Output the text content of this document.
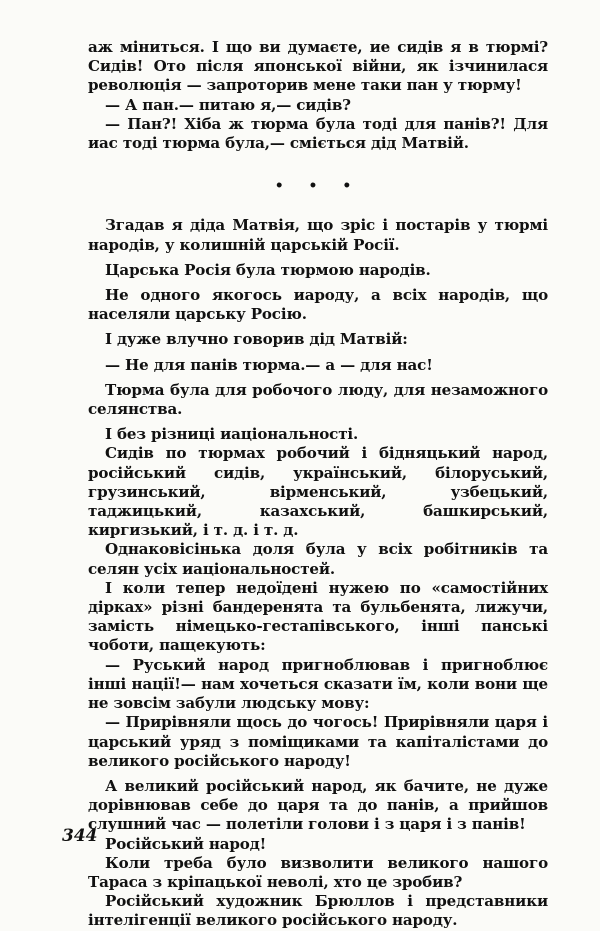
аж міниться. І що ви думаєте, ие сидів я в тюрмі? Сидів! Ото після японської війни, як ізчинилася революція — запроторив мене таки пан у тюрму!

— А пан.— питаю я,— сидів?

— Пан?! Хіба ж тюрма була тоді для панів?! Для иас тоді тюрма була,— сміється дід Матвій.

• • •

Згадав я діда Матвія, що зріс і постарів у тюрмі народів, у колишній царській Росії.

Царська Росія була тюрмою народів.

Не одного якогось иароду, а всіх народів, що населяли царську Росію.

І дуже влучно говорив дід Матвій:

— Не для панів тюрма.— а — для нас!

Тюрма була для робочого люду, для незаможного селянства.

І без різниці иаціональності.

Сидів по тюрмах робочий і бідняцький народ, російський сидів, український, білоруський, грузинський, вірменський, узбецький, таджицький, казахський, башкирський, киргизький, і т. д. і т. д.

Однаковісінька доля була у всіх робітників та селян усіх иаціональностей.

І коли тепер недоїдені нужею по «самостійних дірках» різні бандеренята та бульбенята, лижучи, замість німецько-гестапівського, інші панські чоботи, пащекують:

— Руський народ пригноблював і пригноблює інші нації!— нам хочеться сказати їм, коли вони ще не зовсім забули людську мову:

— Прирівняли щось до чогось! Прирівняли царя і царський уряд з поміщиками та капіталістами до великого російського народу!

А великий російський народ, як бачите, не дуже дорівнював себе до царя та до панів, а прийшов слушний час — полетіли голови і з царя і з панів!

Російський народ!

Коли треба було визволити великого нашого Тараса з кріпацької неволі, хто це зробив?

Російський художник Брюллов і представники інтелігенції великого російського народу.

344
